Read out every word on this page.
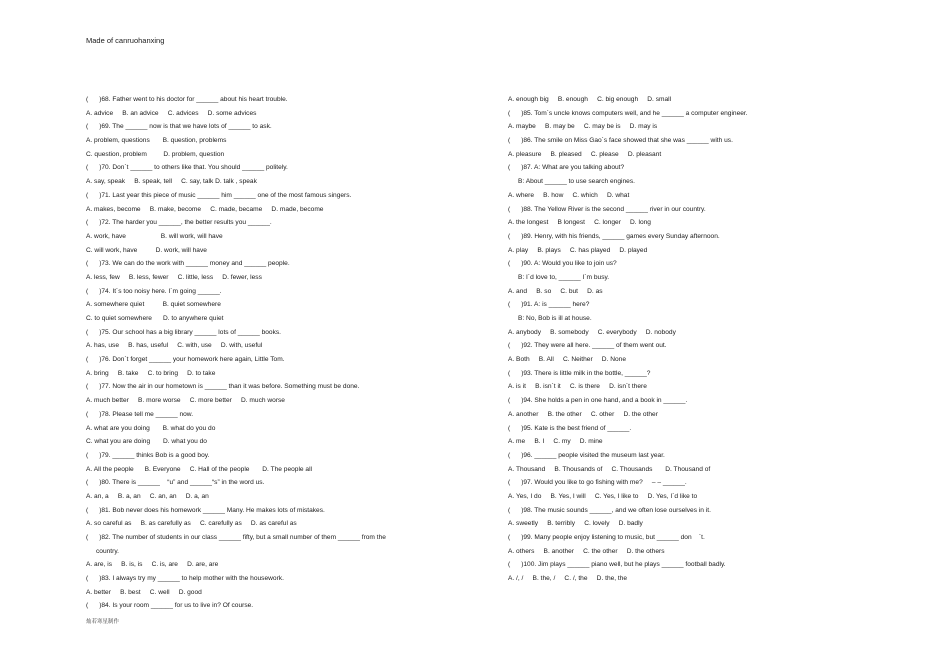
Made of canruohanxing
(      )68. Father went to his doctor for ______ about his heart trouble.
A. advice     B. an advice     C. advices     D. some advices
(      )69. The ______ now is that we have lots of ______ to ask.
A. problem, questions       B. question, problems
C. question, problem         D. problem, question
(      )70. Don´t ______ to others like that. You should ______ politely.
A. say, speak     B. speak, tell     C. say, talk D. talk , speak
(      )71. Last year this piece of music ______ him ______ one of the most famous singers.
A. makes, become     B. make, become     C. made, became     D. made, become
(      )72. The harder you ______, the better results you ______.
A. work, have                   B. will work, will have
C. will work, have          D. work, will have
(      )73. We can do the work with ______ money and ______ people.
A. less, few     B. less, fewer     C. little, less     D. fewer, less
(      )74. It´s too noisy here. I´m going ______.
A. somewhere quiet          B. quiet somewhere
C. to quiet somewhere      D. to anywhere quiet
(      )75. Our school has a big library ______ lots of ______ books.
A. has, use     B. has, useful     C. with, use     D. with, useful
(      )76. Don´t forget ______ your homework here again, Little Tom.
A. bring     B. take     C. to bring     D. to take
(      )77. Now the air in our hometown is ______ than it was before. Something must be done.
A. much better     B. more worse     C. more better     D. much worse
(      )78. Please tell me ______ now.
A. what are you doing       B. what do you do
C. what you are doing       D. what you do
(      )79. ______ thinks Bob is a good boy.
A. All the people      B. Everyone     C. Hall of the people       D. The people all
(      )80. There is ______    “u” and ______“s” in the word us.
A. an, a     B. a, an     C. an, an     D. a, an
(      )81. Bob never does his homework ______ Many. He makes lots of mistakes.
A. so careful as     B. as carefully as     C. carefully as     D. as careful as
(      )82. The number of students in our class ______ fifty, but a small number of them ______ from the
country.
A. are, is     B. is, is     C. is, are     D. are, are
(      )83. I always try my ______ to help mother with the housework.
A. better     B. best     C. well     D. good
(      )84. Is your room ______ for us to live in? Of course.
A. enough big     B. enough     C. big enough     D. small
(      )85. Tom´s uncle knows computers well, and he ______ a computer engineer.
A. maybe     B. may be     C. may be is     D. may is
(      )86. The smile on Miss Gao´s face showed that she was ______ with us.
A. pleasure     B. pleased     C. please     D. pleasant
(      )87. A: What are you talking about?
B: About ______ to use search engines.
A. where     B. how     C. which     D. what
(      )88. The Yellow River is the second ______ river in our country.
A. the longest     B longest     C. longer     D. long
(      )89. Henry, with his friends, ______ games every Sunday afternoon.
A. play     B. plays     C. has played     D. played
(      )90. A: Would you like to join us?
B: I´d love to, ______ I´m busy.
A. and     B. so     C. but     D. as
(      )91. A: is ______ here?
B: No, Bob is ill at house.
A. anybody     B. somebody     C. everybody     D. nobody
(      )92. They were all here. ______ of them went out.
A. Both     B. All     C. Neither     D. None
(      )93. There is little milk in the bottle, ______?
A. is it     B. isn´t it     C. is there     D. isn´t there
(      )94. She holds a pen in one hand, and a book in ______.
A. another     B. the other     C. other     D. the other
(      )95. Kate is the best friend of ______.
A. me     B. I     C. my     D. mine
(      )96. ______ people visited the museum last year.
A. Thousand     B. Thousands of     C. Thousands       D. Thousand of
(      )97. Would you like to go fishing with me?     – – ______.
A. Yes, I do     B. Yes, I will     C. Yes, I like to     D. Yes, I´d like to
(      )98. The music sounds ______, and we often lose ourselves in it.
A. sweetly     B. terribly     C. lovely     D. badly
(      )99. Many people enjoy listening to music, but ______ don    ´t.
A. others     B. another     C. the other     D. the others
(      )100. Jim plays ______ piano well, but he plays ______ football badly.
A. /, /     B. the, /     C. /, the     D. the, the
灿若寒星制作
